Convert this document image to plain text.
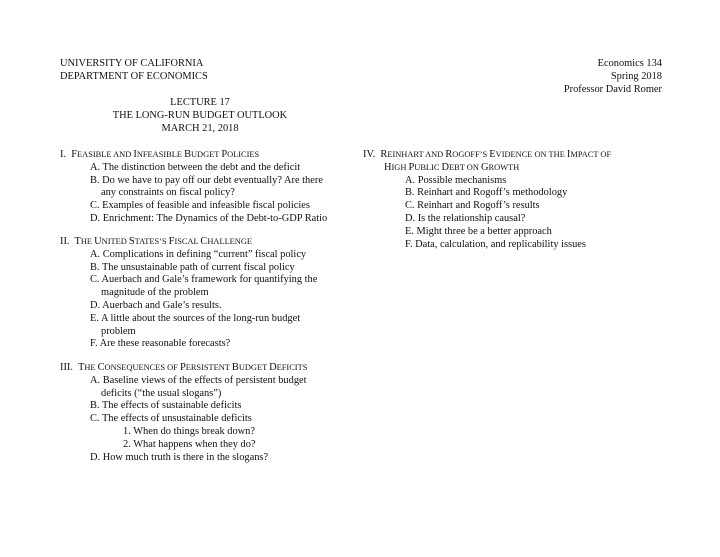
UNIVERSITY OF CALIFORNIA
DEPARTMENT OF ECONOMICS
Economics 134
Spring 2018
Professor David Romer
LECTURE 17
THE LONG-RUN BUDGET OUTLOOK
MARCH 21, 2018
I.  FEASIBLE AND INFEASIBLE BUDGET POLICIES
A. The distinction between the debt and the deficit
B. Do we have to pay off our debt eventually? Are there
any constraints on fiscal policy?
C. Examples of feasible and infeasible fiscal policies
D. Enrichment: The Dynamics of the Debt-to-GDP Ratio
II.  THE UNITED STATES’S FISCAL CHALLENGE
A. Complications in defining “current” fiscal policy
B. The unsustainable path of current fiscal policy
C. Auerbach and Gale’s framework for quantifying the
magnitude of the problem
D. Auerbach and Gale’s results.
E. A little about the sources of the long-run budget
problem
F. Are these reasonable forecasts?
III.  THE CONSEQUENCES OF PERSISTENT BUDGET DEFICITS
A. Baseline views of the effects of persistent budget
deficits (“the usual slogans”)
B. The effects of sustainable deficits
C. The effects of unsustainable deficits
1. When do things break down?
2. What happens when they do?
D. How much truth is there in the slogans?
IV.  REINHART AND ROGOFF’S EVIDENCE ON THE IMPACT OF
HIGH PUBLIC DEBT ON GROWTH
A. Possible mechanisms
B. Reinhart and Rogoff’s methodology
C. Reinhart and Rogoff’s results
D. Is the relationship causal?
E. Might three be a better approach
F. Data, calculation, and replicability issues
